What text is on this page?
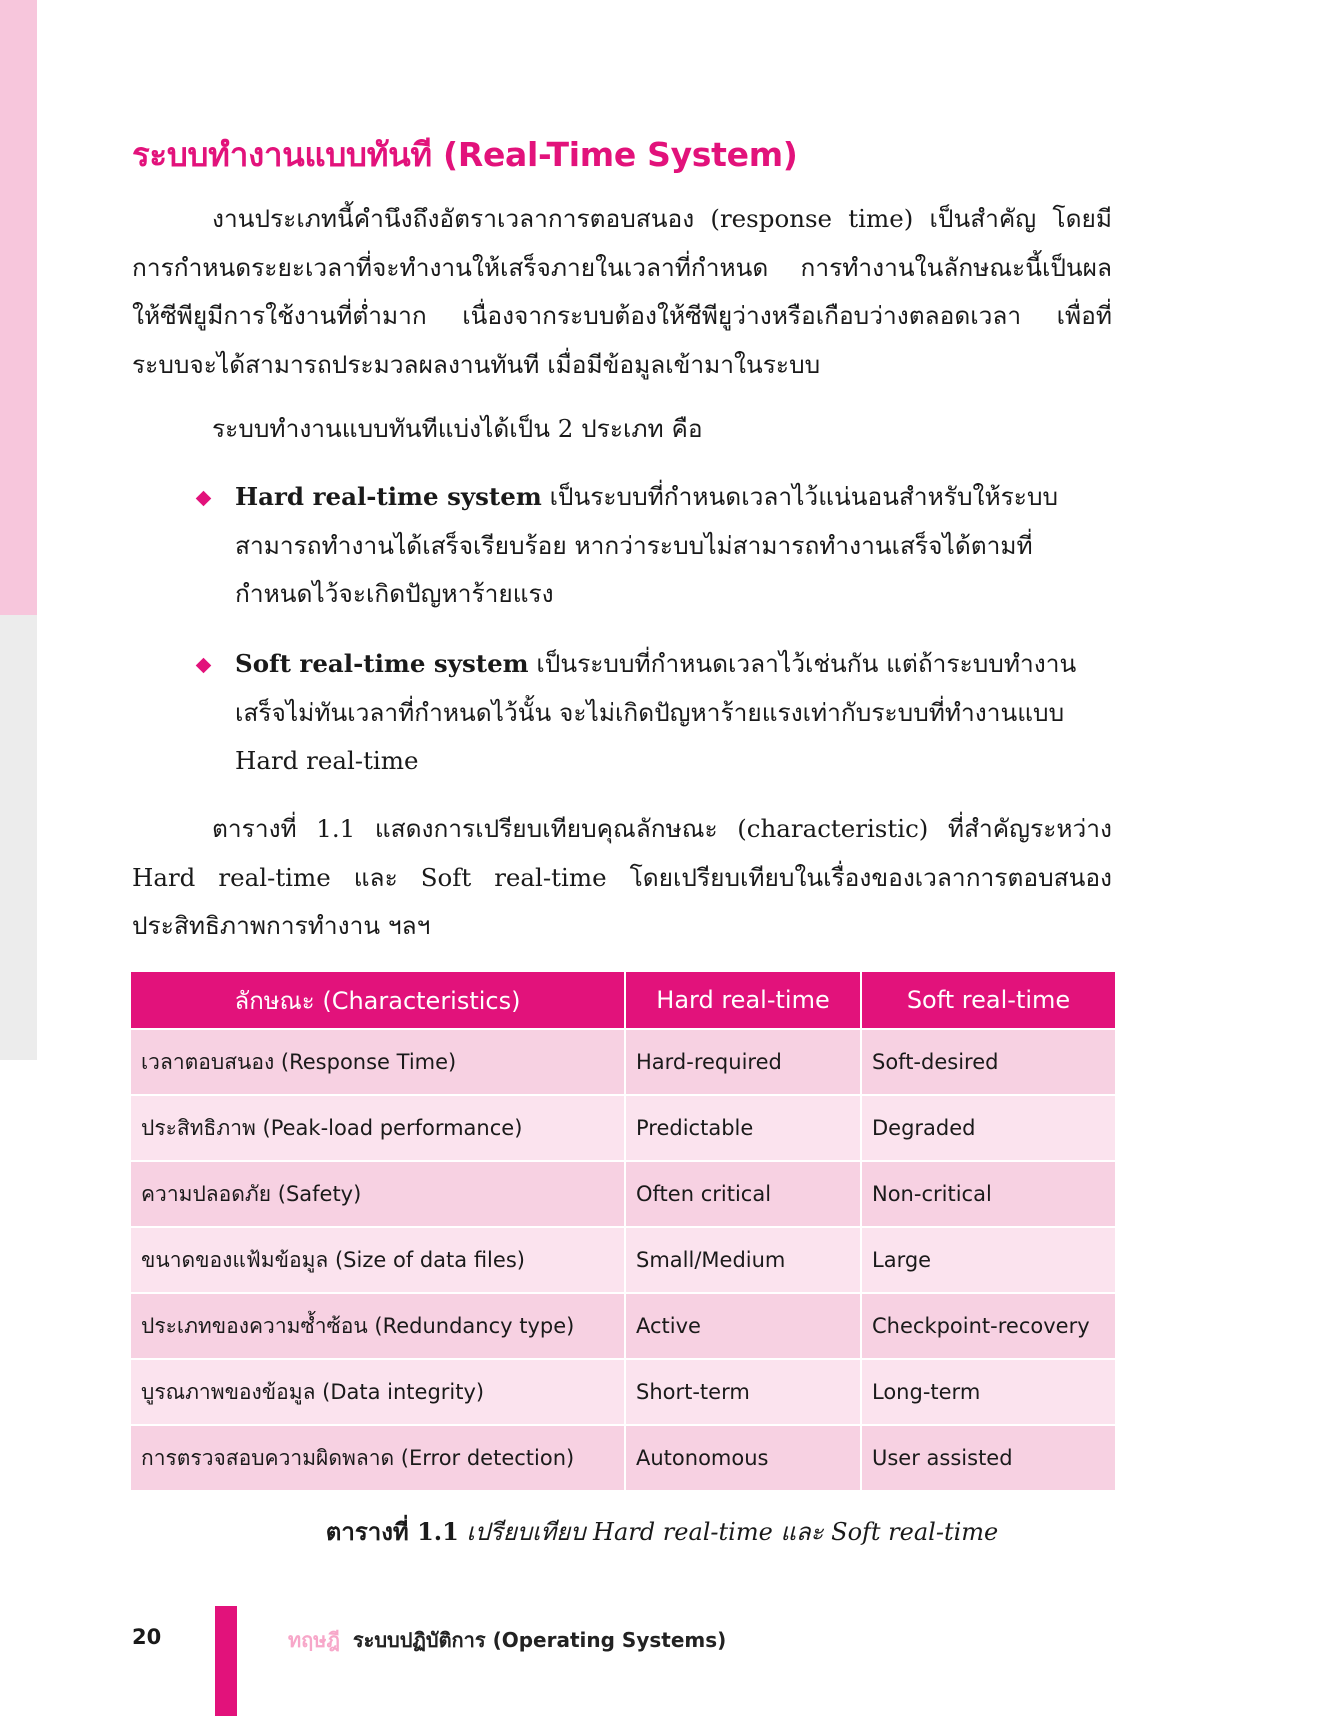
ระบบทำงานแบบทันที (Real-Time System)

งานประเภทนี้คำนึงถึงอัตราเวลาการตอบสนอง (response time) เป็นสำคัญ โดยมี
การกำหนดระยะเวลาที่จะทำงานให้เสร็จภายในเวลาที่กำหนด การทำงานในลักษณะนี้เป็นผล
ให้ซีพียูมีการใช้งานที่ต่ำมาก เนื่องจากระบบต้องให้ซีพียูว่างหรือเกือบว่างตลอดเวลา เพื่อที่
ระบบจะได้สามารถประมวลผลงานทันที เมื่อมีข้อมูลเข้ามาในระบบ

ระบบทำงานแบบทันทีแบ่งได้เป็น 2 ประเภท คือ

Hard real-time system เป็นระบบที่กำหนดเวลาไว้แน่นอนสำหรับให้ระบบ
สามารถทำงานได้เสร็จเรียบร้อย หากว่าระบบไม่สามารถทำงานเสร็จได้ตามที่
กำหนดไว้จะเกิดปัญหาร้ายแรง
Soft real-time system เป็นระบบที่กำหนดเวลาไว้เช่นกัน แต่ถ้าระบบทำงาน
เสร็จไม่ทันเวลาที่กำหนดไว้นั้น จะไม่เกิดปัญหาร้ายแรงเท่ากับระบบที่ทำงานแบบ
Hard real-time

ตารางที่ 1.1 แสดงการเปรียบเทียบคุณลักษณะ (characteristic) ที่สำคัญระหว่าง
Hard real-time และ Soft real-time โดยเปรียบเทียบในเรื่องของเวลาการตอบสนอง
ประสิทธิภาพการทำงาน ฯลฯ

ลักษณะ (Characteristics)	Hard real-time	Soft real-time
เวลาตอบสนอง (Response Time)	Hard-required	Soft-desired
ประสิทธิภาพ (Peak-load performance)	Predictable	Degraded
ความปลอดภัย (Safety)	Often critical	Non-critical
ขนาดของแฟ้มข้อมูล (Size of data files)	Small/Medium	Large
ประเภทของความซ้ำซ้อน (Redundancy type)	Active	Checkpoint-recovery
บูรณภาพของข้อมูล (Data integrity)	Short-term	Long-term
การตรวจสอบความผิดพลาด (Error detection)	Autonomous	User assisted

ตารางที่ 1.1 เปรียบเทียบ Hard real-time และ Soft real-time

20	ทฤษฎี ระบบปฏิบัติการ (Operating Systems)
